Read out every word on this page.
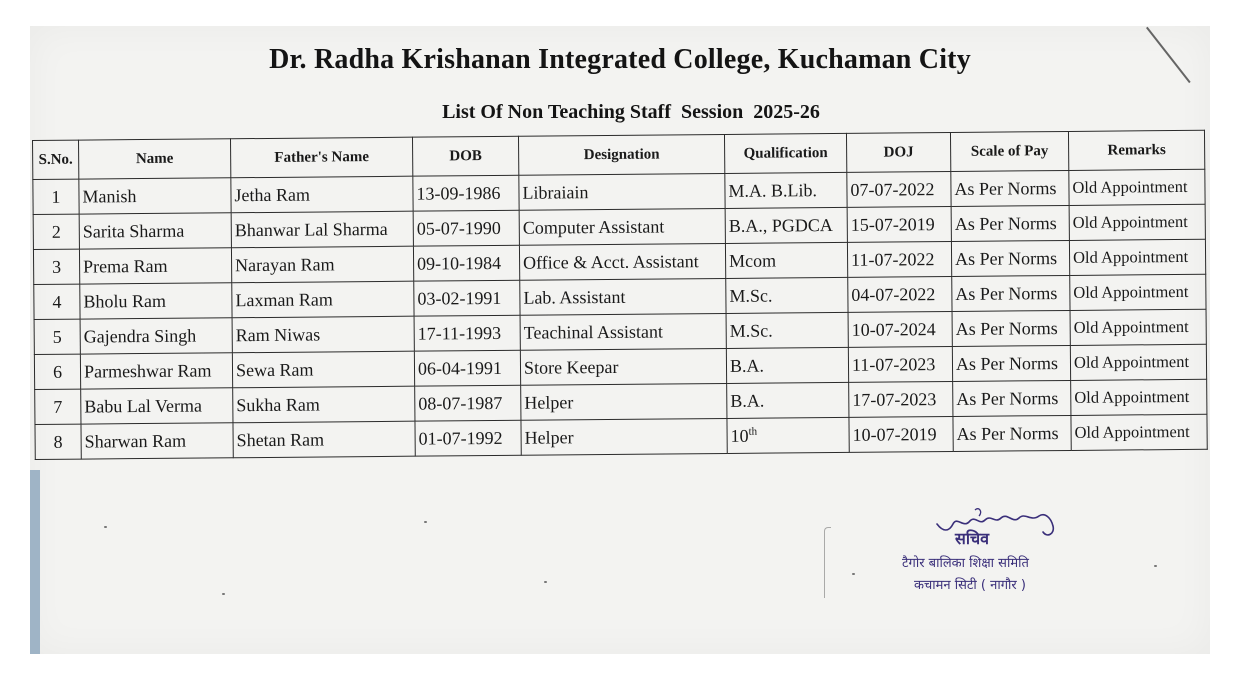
Dr. Radha Krishanan Integrated College, Kuchaman City
List Of Non Teaching Staff  Session  2025-26
S.No.	Name	Father's Name	DOB	Designation	Qualification	DOJ	Scale of Pay	Remarks
1	Manish	Jetha Ram	13-09-1986	Libraiain	M.A. B.Lib.	07-07-2022	As Per Norms	Old Appointment
2	Sarita Sharma	Bhanwar Lal Sharma	05-07-1990	Computer Assistant	B.A., PGDCA	15-07-2019	As Per Norms	Old Appointment
3	Prema Ram	Narayan Ram	09-10-1984	Office & Acct. Assistant	Mcom	11-07-2022	As Per Norms	Old Appointment
4	Bholu Ram	Laxman Ram	03-02-1991	Lab. Assistant	M.Sc.	04-07-2022	As Per Norms	Old Appointment
5	Gajendra Singh	Ram Niwas	17-11-1993	Teachinal Assistant	M.Sc.	10-07-2024	As Per Norms	Old Appointment
6	Parmeshwar Ram	Sewa Ram	06-04-1991	Store Keepar	B.A.	11-07-2023	As Per Norms	Old Appointment
7	Babu Lal Verma	Sukha Ram	08-07-1987	Helper	B.A.	17-07-2023	As Per Norms	Old Appointment
8	Sharwan Ram	Shetan Ram	01-07-1992	Helper	10th	10-07-2019	As Per Norms	Old Appointment
सचिव
टैगोर बालिका शिक्षा समिति
कचामन सिटी ( नागौर )
